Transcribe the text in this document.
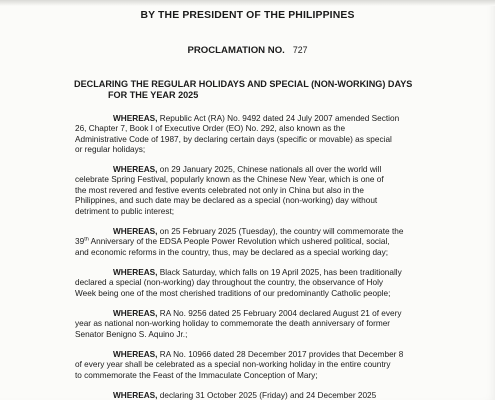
BY THE PRESIDENT OF THE PHILIPPINES
PROCLAMATION NO. 727
DECLARING THE REGULAR HOLIDAYS AND SPECIAL (NON-WORKING) DAYS
FOR THE YEAR 2025
WHEREAS, Republic Act (RA) No. 9492 dated 24 July 2007 amended Section
26, Chapter 7, Book I of Executive Order (EO) No. 292, also known as the
Administrative Code of 1987, by declaring certain days (specific or movable) as special
or regular holidays;
WHEREAS, on 29 January 2025, Chinese nationals all over the world will
celebrate Spring Festival, popularly known as the Chinese New Year, which is one of
the most revered and festive events celebrated not only in China but also in the
Philippines, and such date may be declared as a special (non-working) day without
detriment to public interest;
WHEREAS, on 25 February 2025 (Tuesday), the country will commemorate the
39th Anniversary of the EDSA People Power Revolution which ushered political, social,
and economic reforms in the country, thus, may be declared as a special working day;
WHEREAS, Black Saturday, which falls on 19 April 2025, has been traditionally
declared a special (non-working) day throughout the country, the observance of Holy
Week being one of the most cherished traditions of our predominantly Catholic people;
WHEREAS, RA No. 9256 dated 25 February 2004 declared August 21 of every
year as national non-working holiday to commemorate the death anniversary of former
Senator Benigno S. Aquino Jr.;
WHEREAS, RA No. 10966 dated 28 December 2017 provides that December 8
of every year shall be celebrated as a special non-working holiday in the entire country
to commemorate the Feast of the Immaculate Conception of Mary;
WHEREAS, declaring 31 October 2025 (Friday) and 24 December 2025
